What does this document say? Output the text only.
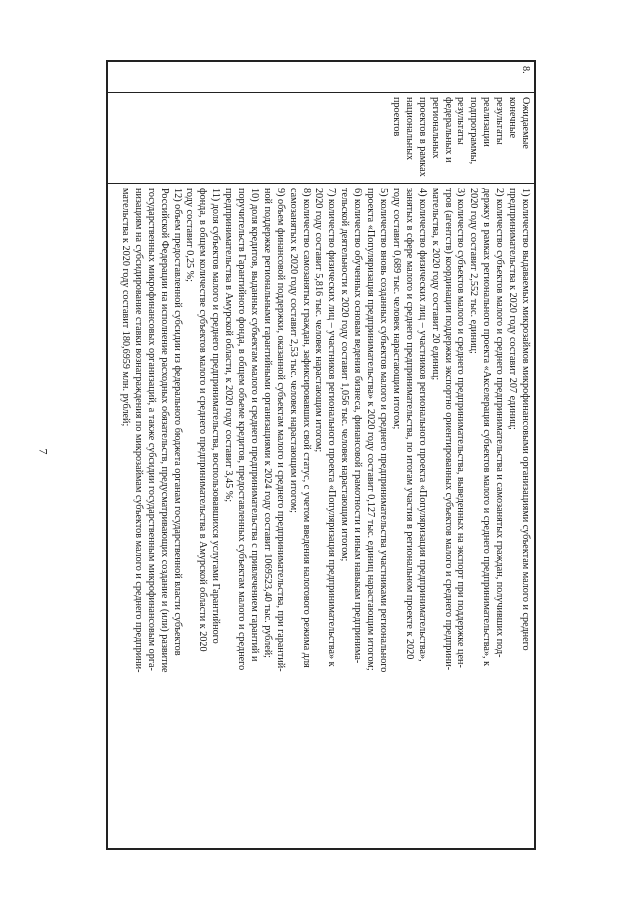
7
8.	Ожидаемые конечные результаты реализации подпрограммы, результаты федеральных и региональных проектов в рамках национальных проектов	
1) количество выдаваемых микрозаймов микрофинансовыми организациями субъектам малого и среднего
предпринимательства к 2020 году составит 207 единиц;
2) количество субъектов малого и среднего предпринимательства и самозанятых граждан, получивших под-
держку в рамках регионального проекта «Акселерация субъектов малого и среднего предпринимательства», к
2020 году составит 2,552 тыс. единиц;
3) количество субъектов малого и среднего предпринимательства, выведенных на экспорт при поддержке цен-
тров (агентств) координации поддержки экспортно ориентированных субъектов малого и среднего предприни-
мательства, к 2020 году составит 20 единиц;
4) количество физических лиц – участников регионального проекта «Популяризация предпринимательства»,
занятых в сфере малого и среднего предпринимательства, по итогам участия в региональном проекте к 2020
году составит 0,689 тыс. человек нарастающим итогом;
5) количество вновь созданных субъектов малого и среднего предпринимательства участниками регионального
проекта «Популяризация предпринимательства» к 2020 году составит 0,127 тыс. единиц нарастающим итогом;
6) количество обученных основам ведения бизнеса, финансовой грамотности и иным навыкам предпринима-
тельской деятельности к 2020 году составит 1,056 тыс. человек нарастающим итогом;
7) количество физических лиц – участников регионального проекта «Популяризация предпринимательства» к
2020 году составит 5,816 тыс. человек нарастающим итогом;
8) количество самозанятых граждан, зафиксировавших свой статус, с учетом введения налогового режима для
самозанятых к 2020 году составит 2,53 тыс. человек нарастающим итогом;
9) объем финансовой поддержки, оказанной субъектам малого и среднего предпринимательства, при гарантий-
ной поддержке региональными гарантийными организациями к 2024 году составит 1069523,40 тыс. рублей;
10) доля кредитов, выданных субъектам малого и среднего предпринимательства с привлечением гарантий и
поручительств Гарантийного фонда, в общем объеме кредитов, предоставленных субъектам малого и среднего
предпринимательства в Амурской области, к 2020 году составит 3,45 %;
11) доля субъектов малого и среднего предпринимательства, воспользовавшихся услугами Гарантийного
фонда, в общем количестве субъектов малого и среднего предпринимательства в Амурской области к 2020
году составит 0,25 %;
12) объем предоставленной субсидии из федерального бюджета органам государственной власти субъектов
Российской Федерации на исполнение расходных обязательств, предусматривающих создание и (или) развитие
государственных микрофинансовых организаций, а также субсидии государственным микрофинансовым орга-
низациям на субсидирование ставки вознаграждения по микрозаймам субъектов малого и среднего предприни-
мательства к 2020 году составит 180,6959 млн. рублей;
